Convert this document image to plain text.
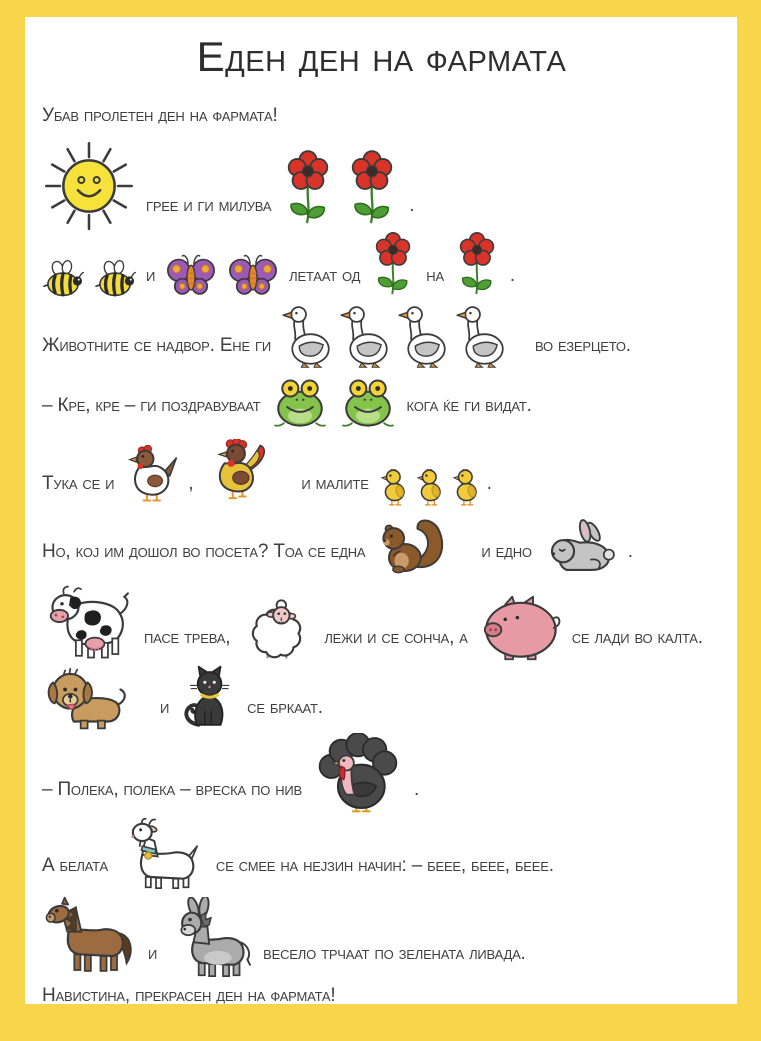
Еден ден на фармата

Убав пролетен ден на фармата!

грее и ги милува	.
и	летаат од	на	.
Животните се надвор. Ене ги	во езерцето.
– Кре, кре – ги поздравуваат	кога ќе ги видат.
Тука се и	,	и малите	.
Но, кој им дошол во посета? Тоа се една	и едно	.
пасе трева,	лежи и се сонча, а	се лади во калта.
и	се бркаат.
– Полека, полека – вреска по нив	.
А белата	се смее на нејзин начин: – беее, беее, беее.
и	весело трчаат по зелената ливада.

Навистина, прекрасен ден на фармата!
